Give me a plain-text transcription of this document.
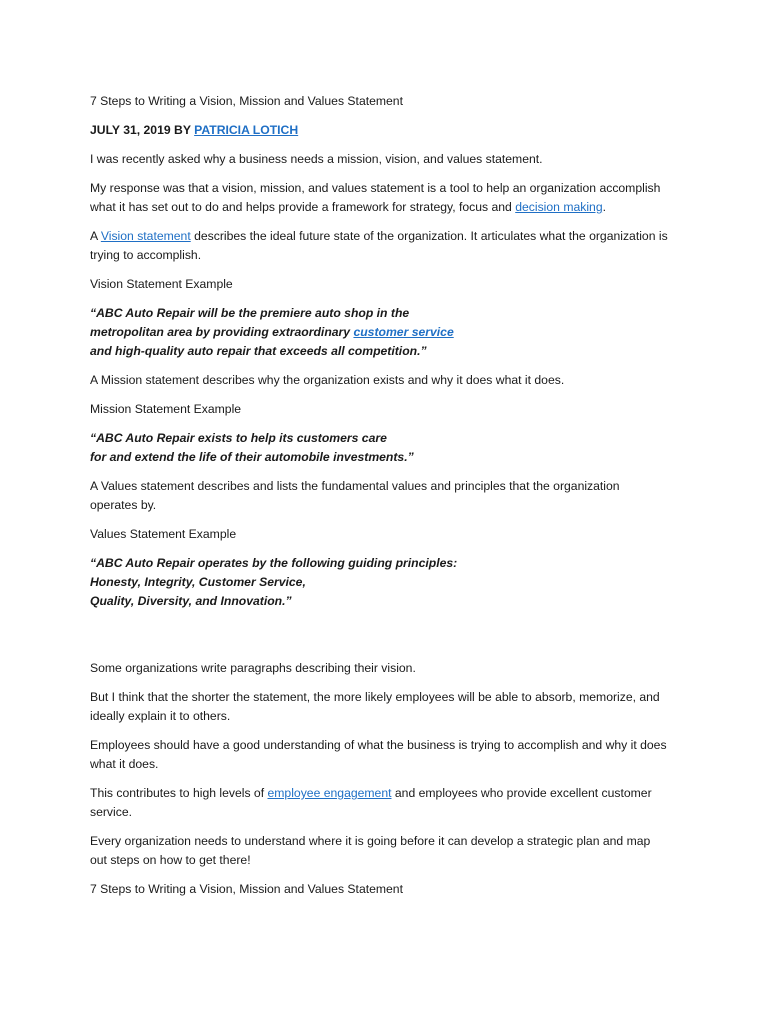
7 Steps to Writing a Vision, Mission and Values Statement

JULY 31, 2019 BY PATRICIA LOTICH

I was recently asked why a business needs a mission, vision, and values statement.

My response was that a vision, mission, and values statement is a tool to help an organization accomplish what it has set out to do and helps provide a framework for strategy, focus and decision making.

A Vision statement describes the ideal future state of the organization. It articulates what the organization is trying to accomplish.

Vision Statement Example

“ABC Auto Repair will be the premiere auto shop in the
metropolitan area by providing extraordinary customer service
and high-quality auto repair that exceeds all competition.”

A Mission statement describes why the organization exists and why it does what it does.

Mission Statement Example

“ABC Auto Repair exists to help its customers care
for and extend the life of their automobile investments.”

A Values statement describes and lists the fundamental values and principles that the organization operates by.

Values Statement Example

“ABC Auto Repair operates by the following guiding principles:
Honesty, Integrity, Customer Service,
Quality, Diversity, and Innovation.”

Some organizations write paragraphs describing their vision.

But I think that the shorter the statement, the more likely employees will be able to absorb, memorize, and ideally explain it to others.

Employees should have a good understanding of what the business is trying to accomplish and why it does what it does.

This contributes to high levels of employee engagement and employees who provide excellent customer service.

Every organization needs to understand where it is going before it can develop a strategic plan and map out steps on how to get there!

7 Steps to Writing a Vision, Mission and Values Statement
